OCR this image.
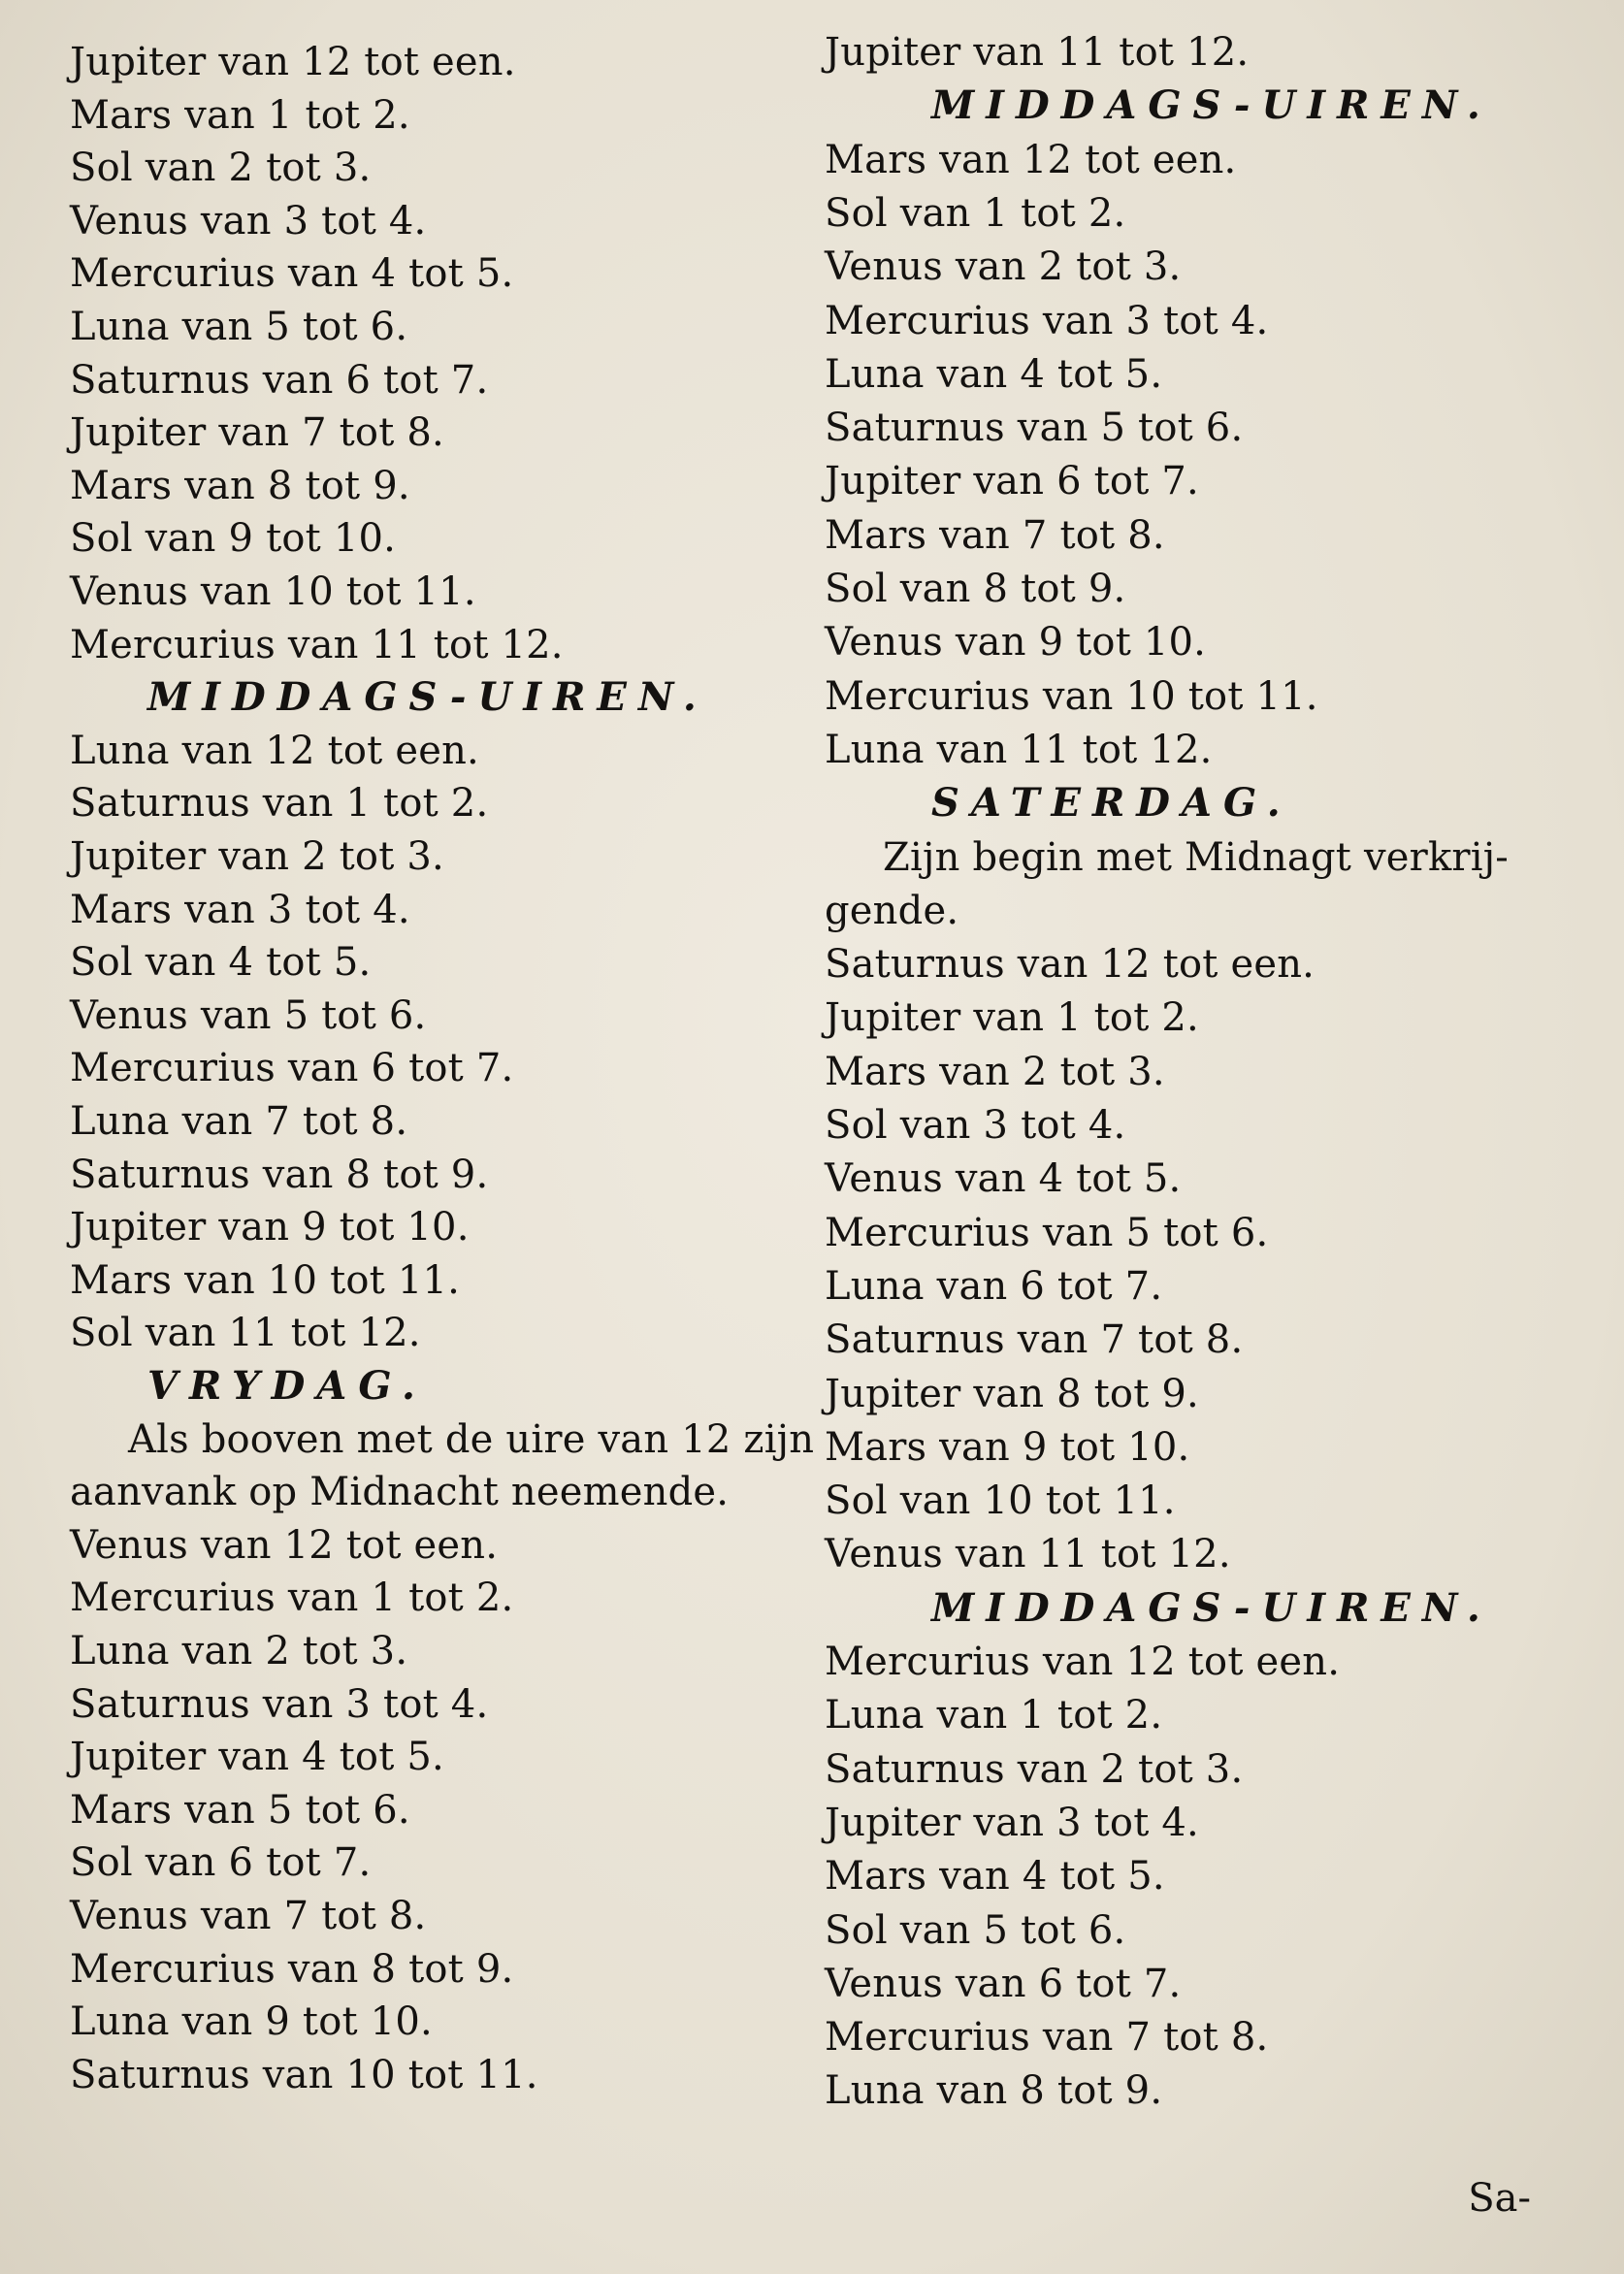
Jupiter van 12 tot een.
Mars van 1 tot 2.
Sol van 2 tot 3.
Venus van 3 tot 4.
Mercurius van 4 tot 5.
Luna van 5 tot 6.
Saturnus van 6 tot 7.
Jupiter van 7 tot 8.
Mars van 8 tot 9.
Sol van 9 tot 10.
Venus van 10 tot 11.
Mercurius van 11 tot 12.
MIDDAGS-UIREN.
Luna van 12 tot een.
Saturnus van 1 tot 2.
Jupiter van 2 tot 3.
Mars van 3 tot 4.
Sol van 4 tot 5.
Venus van 5 tot 6.
Mercurius van 6 tot 7.
Luna van 7 tot 8.
Saturnus van 8 tot 9.
Jupiter van 9 tot 10.
Mars van 10 tot 11.
Sol van 11 tot 12.
VRYDAG.
Als booven met de uire van 12 zijn
aanvank op Midnacht neemende.
Venus van 12 tot een.
Mercurius van 1 tot 2.
Luna van 2 tot 3.
Saturnus van 3 tot 4.
Jupiter van 4 tot 5.
Mars van 5 tot 6.
Sol van 6 tot 7.
Venus van 7 tot 8.
Mercurius van 8 tot 9.
Luna van 9 tot 10.
Saturnus van 10 tot 11.
Jupiter van 11 tot 12.
MIDDAGS-UIREN.
Mars van 12 tot een.
Sol van 1 tot 2.
Venus van 2 tot 3.
Mercurius van 3 tot 4.
Luna van 4 tot 5.
Saturnus van 5 tot 6.
Jupiter van 6 tot 7.
Mars van 7 tot 8.
Sol van 8 tot 9.
Venus van 9 tot 10.
Mercurius van 10 tot 11.
Luna van 11 tot 12.
SATERDAG.
Zijn begin met Midnagt verkrij-
gende.
Saturnus van 12 tot een.
Jupiter van 1 tot 2.
Mars van 2 tot 3.
Sol van 3 tot 4.
Venus van 4 tot 5.
Mercurius van 5 tot 6.
Luna van 6 tot 7.
Saturnus van 7 tot 8.
Jupiter van 8 tot 9.
Mars van 9 tot 10.
Sol van 10 tot 11.
Venus van 11 tot 12.
MIDDAGS-UIREN.
Mercurius van 12 tot een.
Luna van 1 tot 2.
Saturnus van 2 tot 3.
Jupiter van 3 tot 4.
Mars van 4 tot 5.
Sol van 5 tot 6.
Venus van 6 tot 7.
Mercurius van 7 tot 8.
Luna van 8 tot 9.
Sa-
